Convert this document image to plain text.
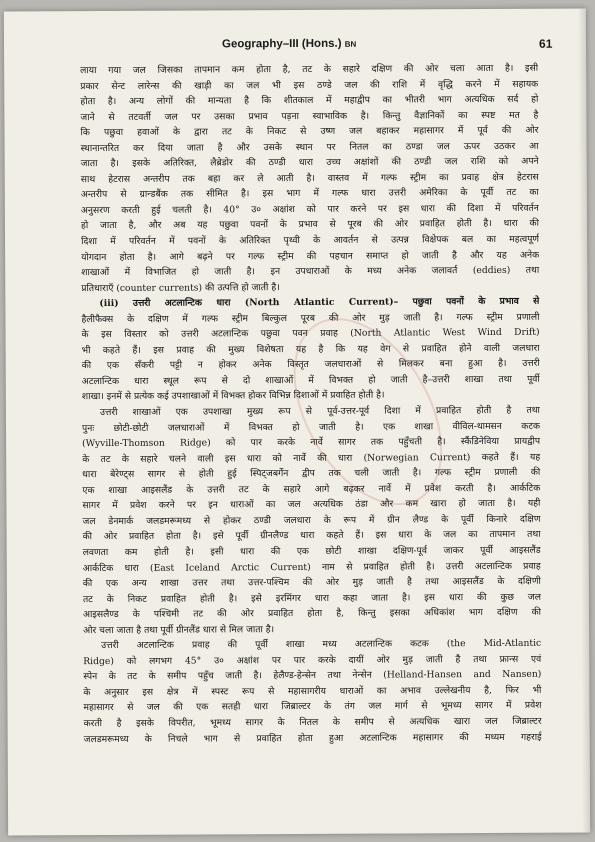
Geography–III (Hons.) BN	61
लाया गया जल जिसका तापमान कम होता है, तट के सहारे दक्षिण की ओर चला आता है। इसी
प्रकार सेन्ट लारेन्स की खाड़ी का जल भी इस ठण्डे जल की राशि में वृद्धि करने में सहायक
होता है। अन्य लोगों की मान्यता है कि शीतकाल में महाद्वीप का भीतरी भाग अत्यधिक सर्द हो
जाने से तटवर्ती जल पर उसका प्रभाव पड़ना स्वाभाविक है। किन्तु वैज्ञानिकों का स्पष्ट मत है
कि पछुवा हवाओं के द्वारा तट के निकट से उष्ण जल बहाकर महासागर में पूर्व की ओर
स्थानान्तरित कर दिया जाता है और उसके स्थान पर नितल का ठण्डा जल ऊपर उठकर आ
जाता है। इसके अतिरिक्त, लैब्रेडोर की ठण्डी धारा उच्च अक्षांशों की ठण्डी जल राशि को अपने
साथ हेटरास अन्तरीप तक बहा कर ले आती है। वास्तव में गल्फ स्ट्रीम का प्रवाह क्षेत्र हेटरास
अन्तरीप से ग्रान्डबैंक तक सीमित है। इस भाग में गल्फ धारा उत्तरी अमेरिका के पूर्वी तट का
अनुसरण करती हुई चलती है। 40° उ० अक्षांश को पार करने पर इस धारा की दिशा में परिवर्तन
हो जाता है, और अब यह पछुवा पवनों के प्रभाव से पूरब की ओर प्रवाहित होती है। धारा की
दिशा में परिवर्तन में पवनों के अतिरिक्त पृथ्वी के आवर्तन से उत्पन्न विक्षेपक बल का महत्वपूर्ण
योगदान होता है। आगे बढ़ने पर गल्फ स्ट्रीम की पहचान समाप्त हो जाती है और यह अनेक
शाखाओं में विभाजित हो जाती है। इन उपधाराओं के मध्य अनेक जलावर्त (eddies) तथा
प्रतिधाराएँ (counter currents) की उत्पत्ति हो जाती है।
(iii) उत्तरी अटलान्टिक धारा (North Atlantic Current)– पछुवा पवनों के प्रभाव से
हैलीफैक्स के दक्षिण में गल्फ स्ट्रीम बिल्कुल पूरब की ओर मुड़ जाती है। गल्फ स्ट्रीम प्रणाली
के इस विस्तार को उत्तरी अटलान्टिक पछुवा पवन प्रवाह (North Atlantic West Wind Drift)
भी कहते हैं। इस प्रवाह की मुख्य विशेषता यह है कि यह वेग से प्रवाहित होने वाली जलधारा
की एक सँकरी पट्टी न होकर अनेक विस्तृत जलधाराओं से मिलकर बना हुआ है। उत्तरी
अटलान्टिक धारा स्थूल रूप से दो शाखाओं में विभक्त हो जाती है–उत्तरी शाखा तथा पूर्वी
शाखा। इनमें से प्रत्येक कई उपशाखाओं में विभक्त होकर विभिन्न दिशाओं में प्रवाहित होती है।
उत्तरी शाखाओं एक उपशाखा मुख्य रूप से पूर्व-उत्तर-पूर्व दिशा में प्रवाहित होती है तथा
पुनः छोटी-छोटी जलधाराओं में विभक्त हो जाती है। एक शाखा वीविल-थामसन कटक
(Wyville-Thomson Ridge) को पार करके नार्वे सागर तक पहुँचती है। स्कैंडिनेविया प्रायद्वीप
के तट के सहारे चलने वाली इस धारा को नार्वे की धारा (Norwegian Current) कहते हैं। यह
धारा बेरेण्ट्स सागर से होती हुई स्पिट्जबर्गेन द्वीप तक चली जाती है। गल्फ स्ट्रीम प्रणाली की
एक शाखा आइसलैंड के उत्तरी तट के सहारे आगे बढ़कर नार्वे में प्रवेश करती है। आर्कटिक
सागर में प्रवेश करने पर इन धाराओं का जल अत्यधिक ठंडा और कम खारा हो जाता है। यही
जल डेनमार्क जलडमरूमध्य से होकर ठण्डी जलधारा के रूप में ग्रीन लैण्ड के पूर्वी किनारे दक्षिण
की ओर प्रवाहित होता है। इसे पूर्वी ग्रीनलैण्ड धारा कहते हैं। इस धारा के जल का तापमान तथा
लवणता कम होती है। इसी धारा की एक छोटी शाखा दक्षिण-पूर्व जाकर पूर्वी आइसलैंड
आर्कटिक धारा (East Iceland Arctic Current) नाम से प्रवाहित होती है। उत्तरी अटलान्टिक प्रवाह
की एक अन्य शाखा उत्तर तथा उत्तर-पश्चिम की ओर मुड़ जाती है तथा आइसलैंड के दक्षिणी
तट के निकट प्रवाहित होती है। इसे इरमिंगर धारा कहा जाता है। इस धारा की कुछ जल
आइसलैण्ड के पश्चिमी तट की ओर प्रवाहित होता है, किन्तु इसका अधिकांश भाग दक्षिण की
ओर चला जाता है तथा पूर्वी ग्रीनलैंड धारा से मिल जाता है।
उत्तरी अटलान्टिक प्रवाह की पूर्वी शाखा मध्य अटलान्टिक कटक (the Mid-Atlantic
Ridge) को लगभग 45° उ० अक्षांश पर पार करके दायीं ओर मुड़ जाती है तथा फ्रान्स एवं
स्पेन के तट के समीप पहुँच जाती है। हेलैण्ड-हेन्सेन तथा नेन्सेन (Helland-Hansen and Nansen)
के अनुसार इस क्षेत्र में स्पस्ट रूप से महासागरीय धाराओं का अभाव उल्लेखनीय है, फिर भी
महासागर से जल की एक सतही धारा जिब्राल्टर के तंग जल मार्ग से भूमध्य सागर में प्रवेश
करती है इसके विपरीत, भूमध्य सागर के नितल के समीप से अत्यधिक खारा जल जिब्राल्टर
जलडमरूमध्य के निचले भाग से प्रवाहित होता हुआ अटलान्टिक महासागर की मध्यम गहराई
